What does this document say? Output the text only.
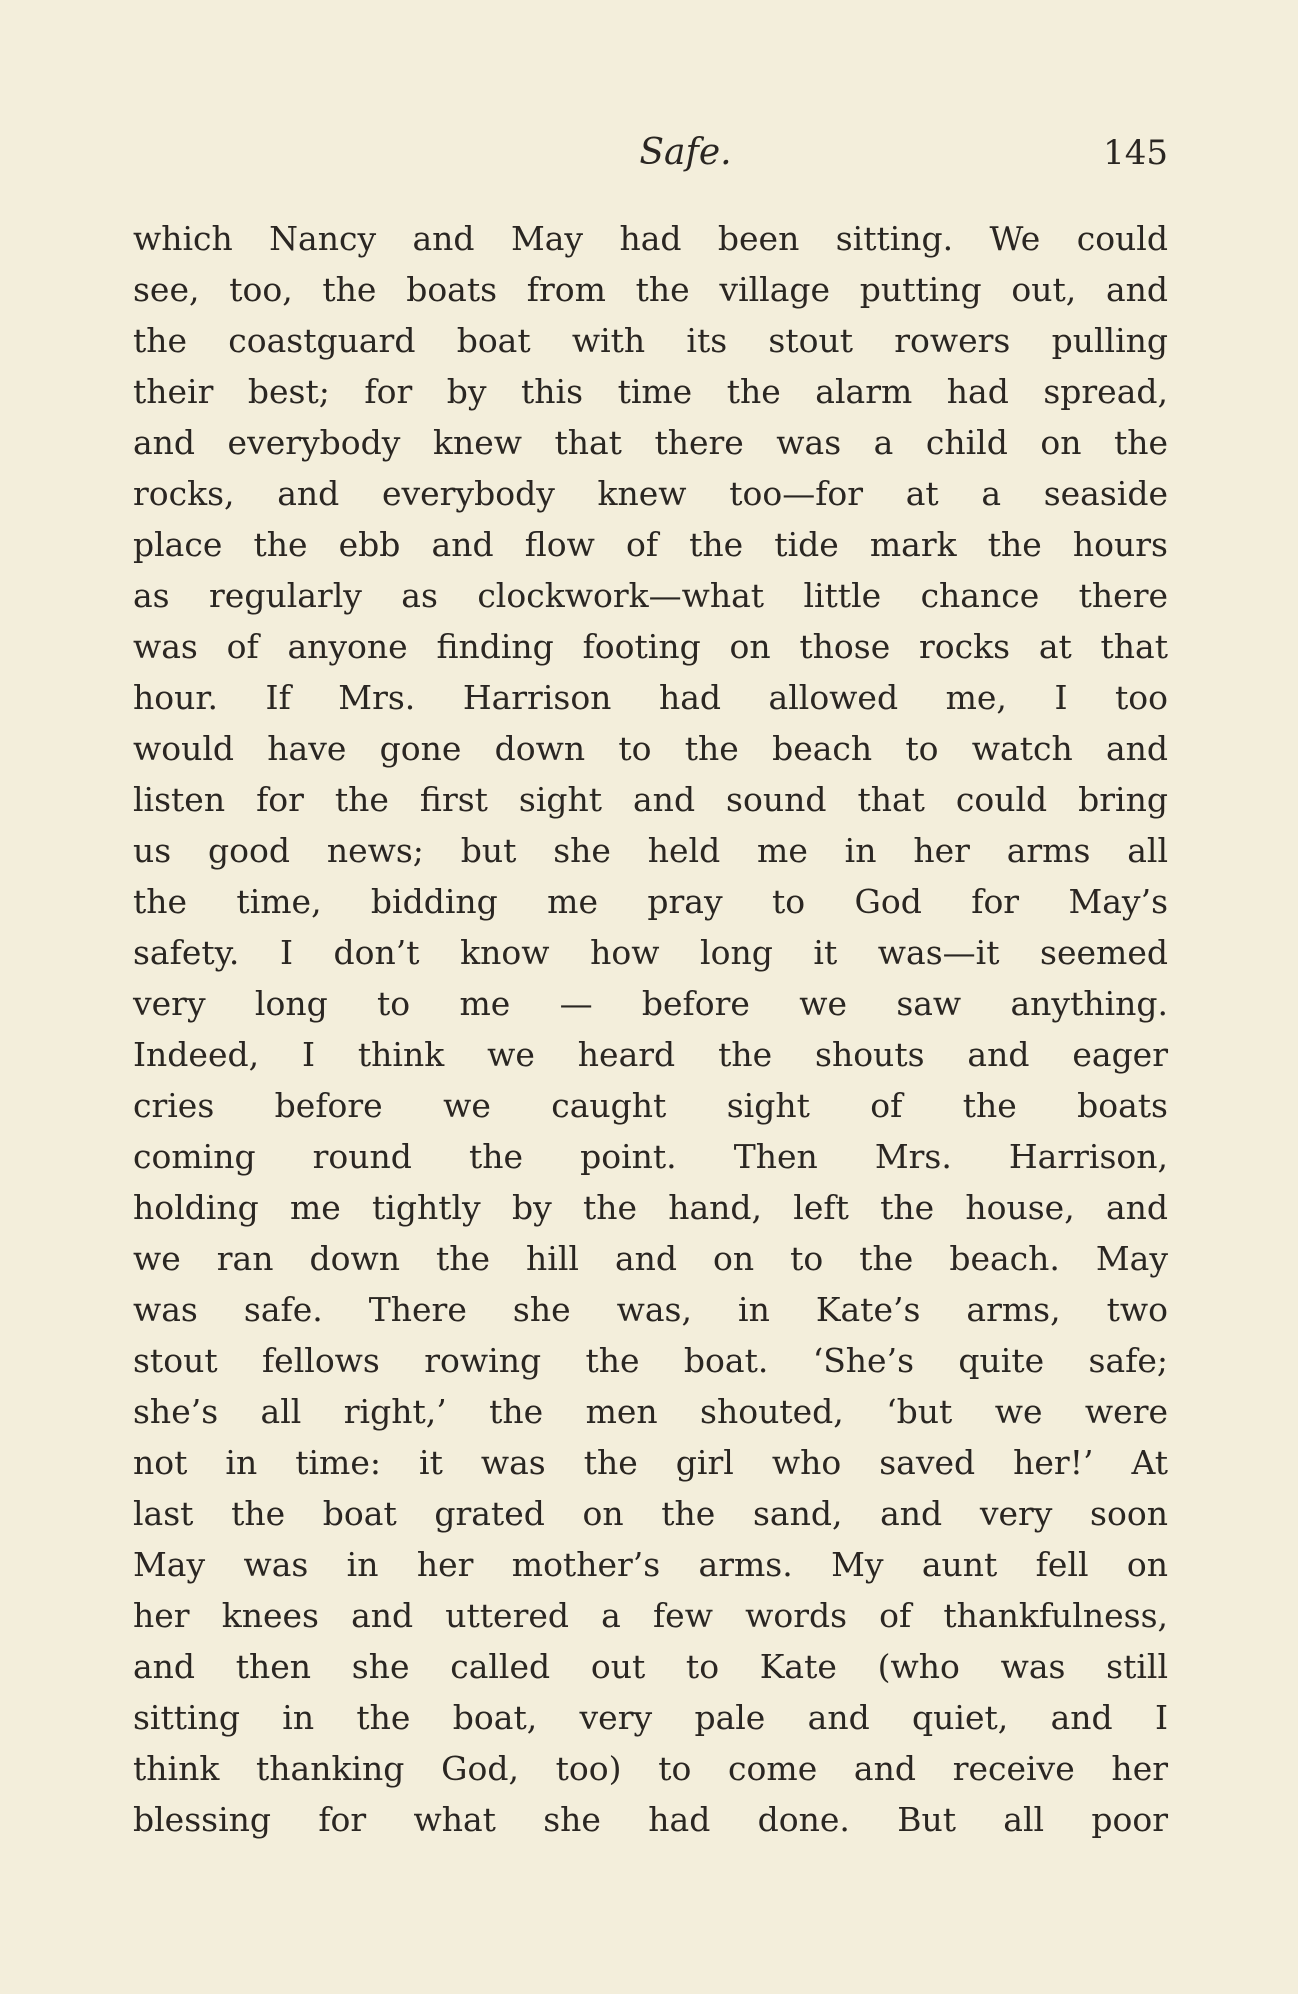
Safe.	145
which Nancy and May had been sitting. We could
see, too, the boats from the village putting out, and
the coastguard boat with its stout rowers pulling
their best; for by this time the alarm had spread,
and everybody knew that there was a child on the
rocks, and everybody knew too—for at a seaside
place the ebb and flow of the tide mark the hours
as regularly as clockwork—what little chance there
was of anyone finding footing on those rocks at that
hour. If Mrs. Harrison had allowed me, I too
would have gone down to the beach to watch and
listen for the first sight and sound that could bring
us good news; but she held me in her arms all
the time, bidding me pray to God for May’s
safety. I don’t know how long it was—it seemed
very long to me — before we saw anything.
Indeed, I think we heard the shouts and eager
cries before we caught sight of the boats
coming round the point. Then Mrs. Harrison,
holding me tightly by the hand, left the house, and
we ran down the hill and on to the beach. May
was safe. There she was, in Kate’s arms, two
stout fellows rowing the boat. ‘She’s quite safe;
she’s all right,’ the men shouted, ‘but we were
not in time: it was the girl who saved her!’ At
last the boat grated on the sand, and very soon
May was in her mother’s arms. My aunt fell on
her knees and uttered a few words of thankfulness,
and then she called out to Kate (who was still
sitting in the boat, very pale and quiet, and I
think thanking God, too) to come and receive her
blessing for what she had done. But all poor
